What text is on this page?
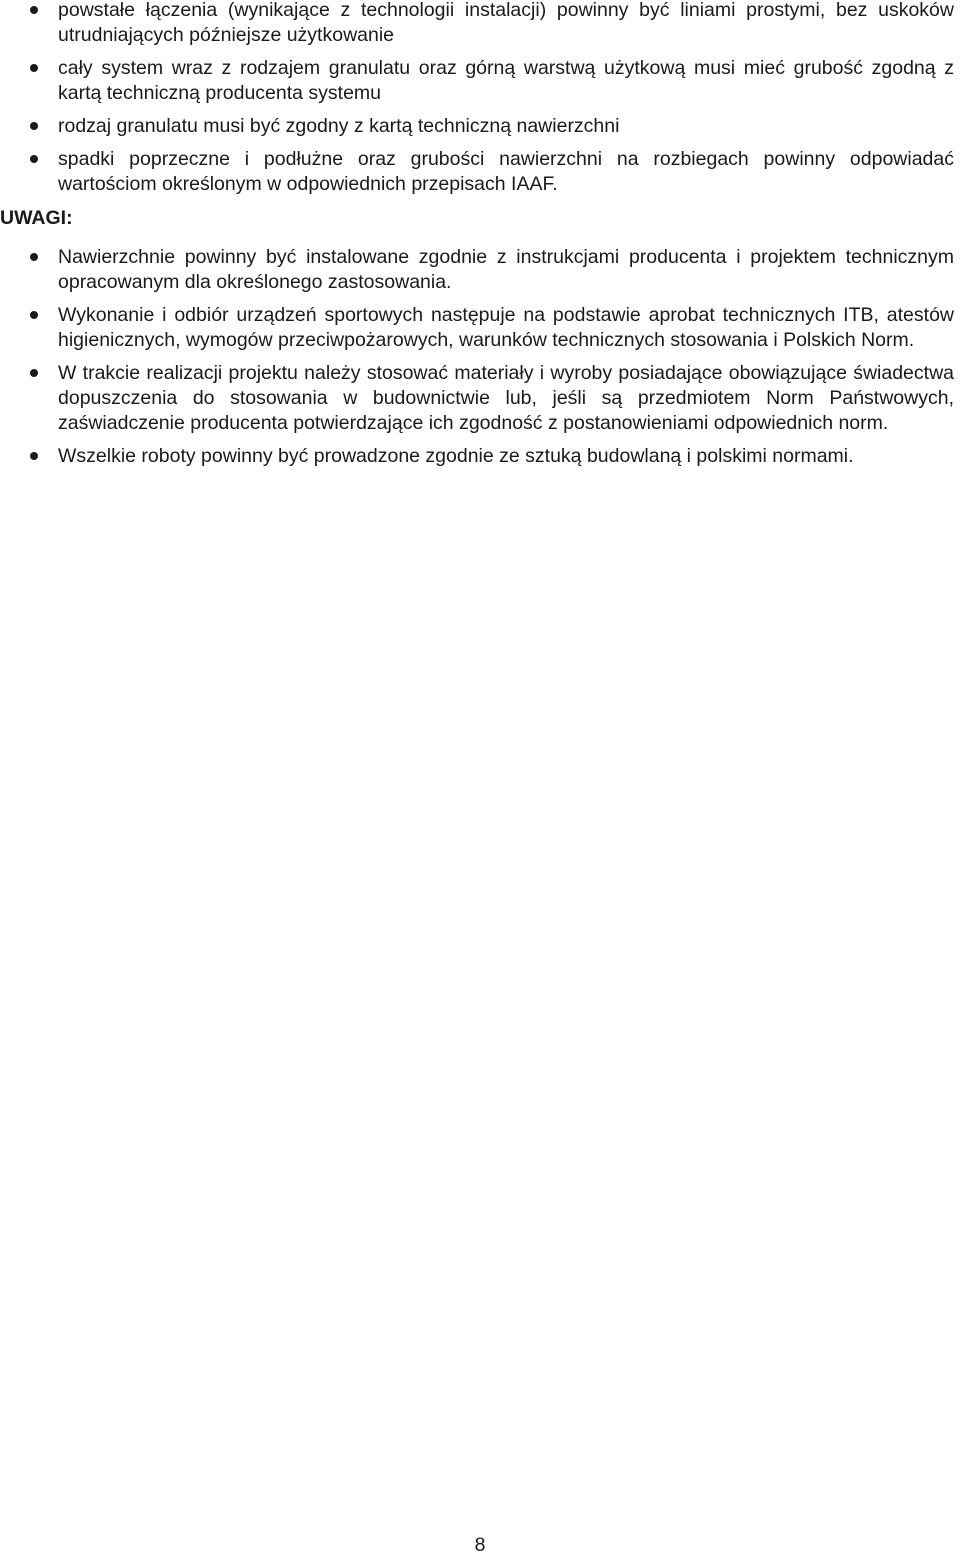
powstałe łączenia (wynikające z technologii instalacji) powinny być liniami prostymi, bez uskoków utrudniających późniejsze użytkowanie
cały system wraz z rodzajem granulatu oraz górną warstwą użytkową musi mieć grubość zgodną z kartą techniczną producenta systemu
rodzaj granulatu musi być zgodny z kartą techniczną nawierzchni
spadki poprzeczne i podłużne oraz grubości nawierzchni na rozbiegach powinny odpowiadać wartościom określonym w odpowiednich przepisach IAAF.

UWAGI:

Nawierzchnie powinny być instalowane zgodnie z instrukcjami producenta i projektem technicznym opracowanym dla określonego zastosowania.
Wykonanie i odbiór urządzeń sportowych następuje na podstawie aprobat technicznych ITB, atestów higienicznych, wymogów przeciwpożarowych, warunków technicznych stosowania i Polskich Norm.
W trakcie realizacji projektu należy stosować materiały i wyroby posiadające obowiązujące świadectwa dopuszczenia do stosowania w budownictwie lub, jeśli są przedmiotem Norm Państwowych, zaświadczenie producenta potwierdzające ich zgodność z postanowieniami odpowiednich norm.
Wszelkie roboty powinny być prowadzone zgodnie ze sztuką budowlaną i polskimi normami.
8
